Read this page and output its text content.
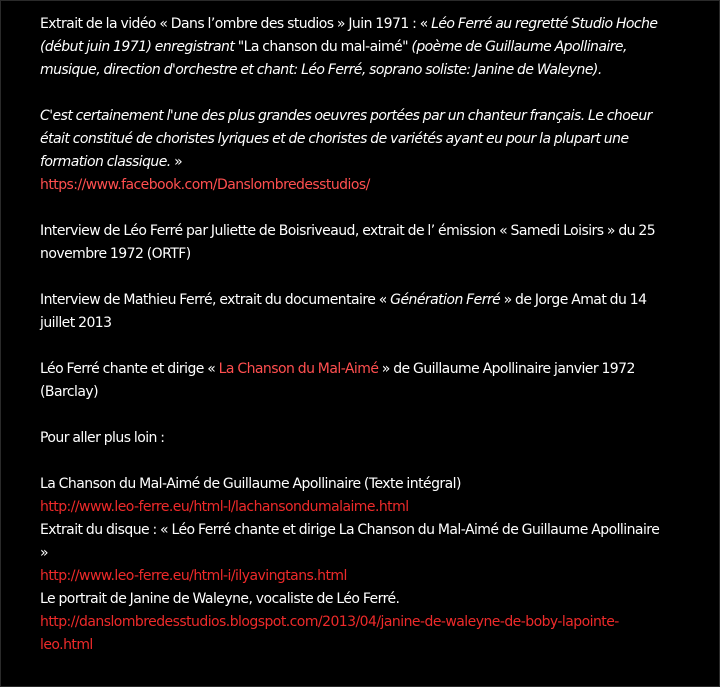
Extrait de la vidéo « Dans l’ombre des studios » Juin 1971 : « Léo Ferré au regretté Studio Hoche
(début juin 1971) enregistrant "La chanson du mal-aimé" (poème de Guillaume Apollinaire,
musique, direction d'orchestre et chant: Léo Ferré, soprano soliste: Janine de Waleyne).
C'est certainement l'une des plus grandes oeuvres portées par un chanteur français. Le choeur
était constitué de choristes lyriques et de choristes de variétés ayant eu pour la plupart une
formation classique. »
https://www.facebook.com/Danslombredesstudios/
Interview de Léo Ferré par Juliette de Boisriveaud, extrait de l’ émission « Samedi Loisirs » du 25
novembre 1972 (ORTF)
Interview de Mathieu Ferré, extrait du documentaire « Génération Ferré » de Jorge Amat du 14
juillet 2013
Léo Ferré chante et dirige « La Chanson du Mal-Aimé » de Guillaume Apollinaire janvier 1972
(Barclay)
Pour aller plus loin :
La Chanson du Mal-Aimé de Guillaume Apollinaire (Texte intégral)
http://www.leo-ferre.eu/html-l/lachansondumalaime.html
Extrait du disque : « Léo Ferré chante et dirige La Chanson du Mal-Aimé de Guillaume Apollinaire
»
http://www.leo-ferre.eu/html-i/ilyavingtans.html
Le portrait de Janine de Waleyne, vocaliste de Léo Ferré.
http://danslombredesstudios.blogspot.com/2013/04/janine-de-waleyne-de-boby-lapointe-
leo.html
